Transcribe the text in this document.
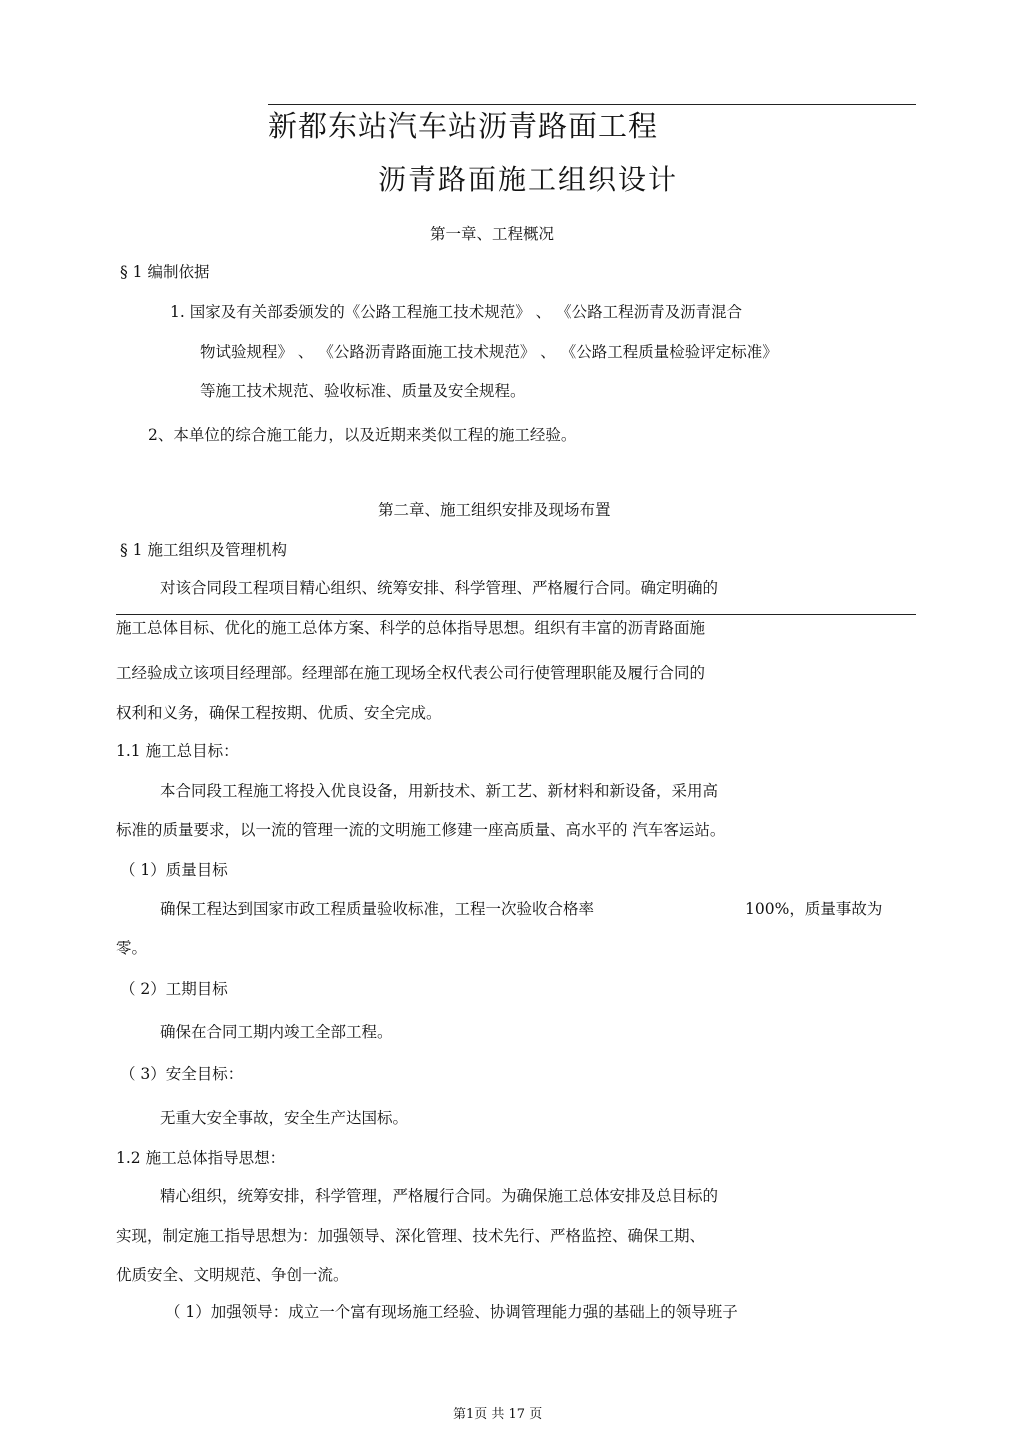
新都东站汽车站沥青路面工程
沥青路面施工组织设计
第一章、工程概况
§ 1 编制依据
1. 国家及有关部委颁发的《公路工程施工技术规范》 、 《公路工程沥青及沥青混合
物试验规程》 、 《公路沥青路面施工技术规范》 、 《公路工程质量检验评定标准》
等施工技术规范、验收标准、质量及安全规程。
2、本单位的综合施工能力，以及近期来类似工程的施工经验。
第二章、施工组织安排及现场布置
§ 1 施工组织及管理机构
对该合同段工程项目精心组织、统筹安排、科学管理、严格履行合同。确定明确的
施工总体目标、优化的施工总体方案、科学的总体指导思想。组织有丰富的沥青路面施
工经验成立该项目经理部。经理部在施工现场全权代表公司行使管理职能及履行合同的
权利和义务，确保工程按期、优质、安全完成。
1.1 施工总目标：
本合同段工程施工将投入优良设备，用新技术、新工艺、新材料和新设备，采用高
标准的质量要求，以一流的管理一流的文明施工修建一座高质量、高水平的 汽车客运站。
（ 1）质量目标
确保工程达到国家市政工程质量验收标准，工程一次验收合格率	100%，质量事故为
零。
（ 2）工期目标
确保在合同工期内竣工全部工程。
（ 3）安全目标：
无重大安全事故，安全生产达国标。
1.2 施工总体指导思想：
精心组织，统筹安排，科学管理，严格履行合同。为确保施工总体安排及总目标的
实现，制定施工指导思想为：加强领导、深化管理、技术先行、严格监控、确保工期、
优质安全、文明规范、争创一流。
（ 1）加强领导：成立一个富有现场施工经验、协调管理能力强的基础上的领导班子
第1页 共 17 页
